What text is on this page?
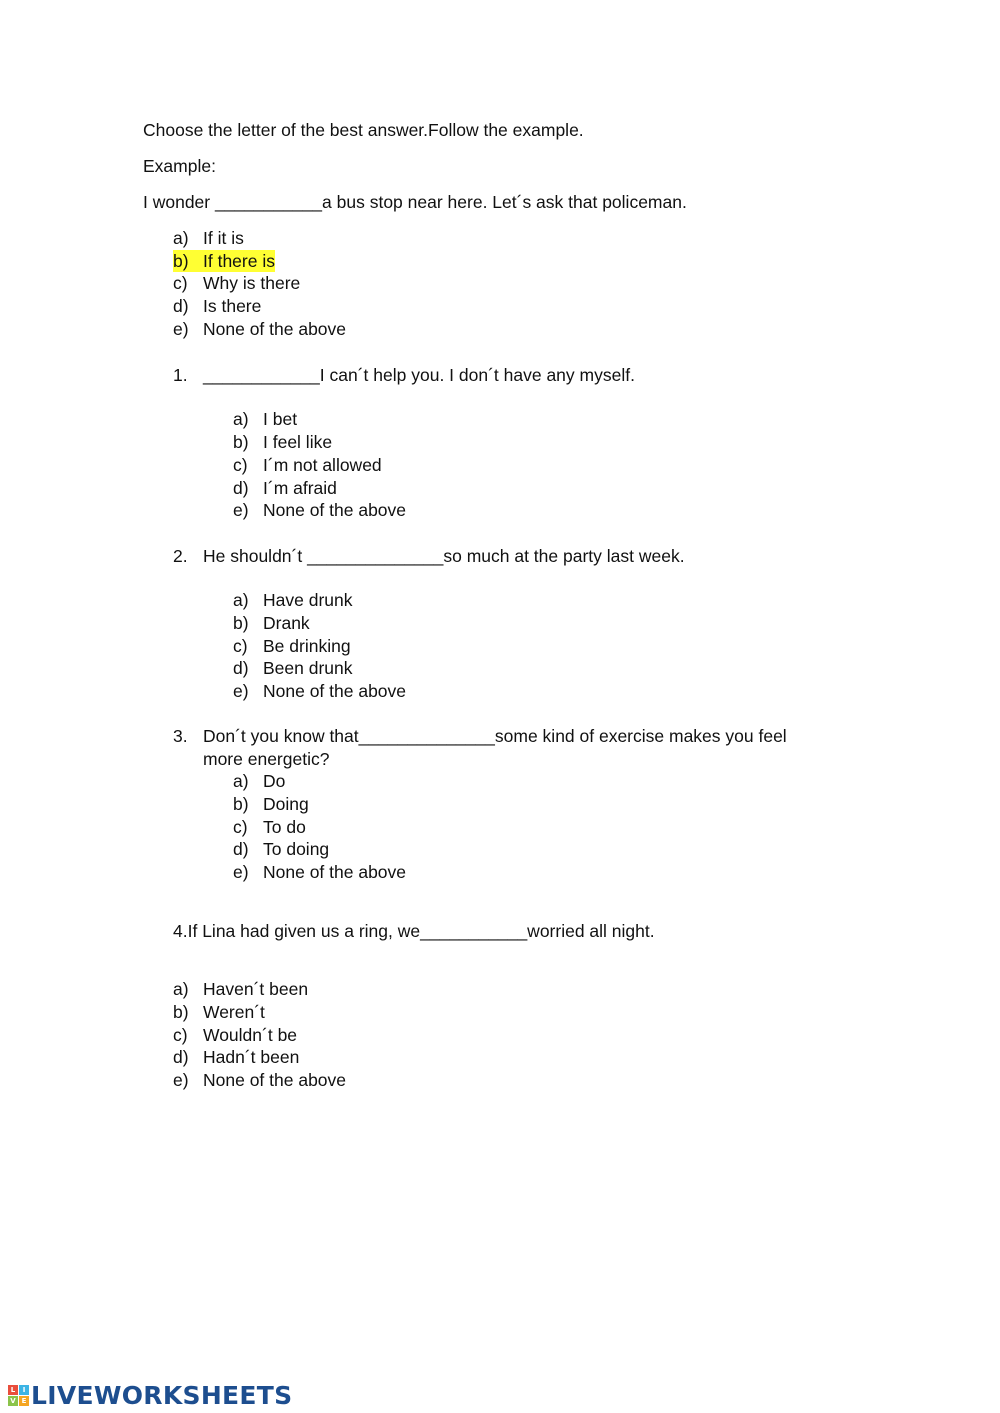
Choose the letter of the best answer.Follow the example.
Example:
I wonder ___________a bus stop near here. Let´s ask that policeman.
a) If it is
b) If there is
c) Why is there
d) Is there
e) None of the above
1. ____________I can´t help you. I don´t have any myself.
a) I bet
b) I feel like
c) I´m not allowed
d) I´m afraid
e) None of the above
2. He shouldn´t ______________so much at the party last week.
a) Have drunk
b) Drank
c) Be drinking
d) Been drunk
e) None of the above
3. Don´t you know that______________some kind of exercise makes you feel
more energetic?
a) Do
b) Doing
c) To do
d) To doing
e) None of the above
4.If Lina had given us a ring, we___________worried all night.
a) Haven´t been
b) Weren´t
c) Wouldn´t be
d) Hadn´t been
e) None of the above
L	I
V E LIVEWORKSHEETS
